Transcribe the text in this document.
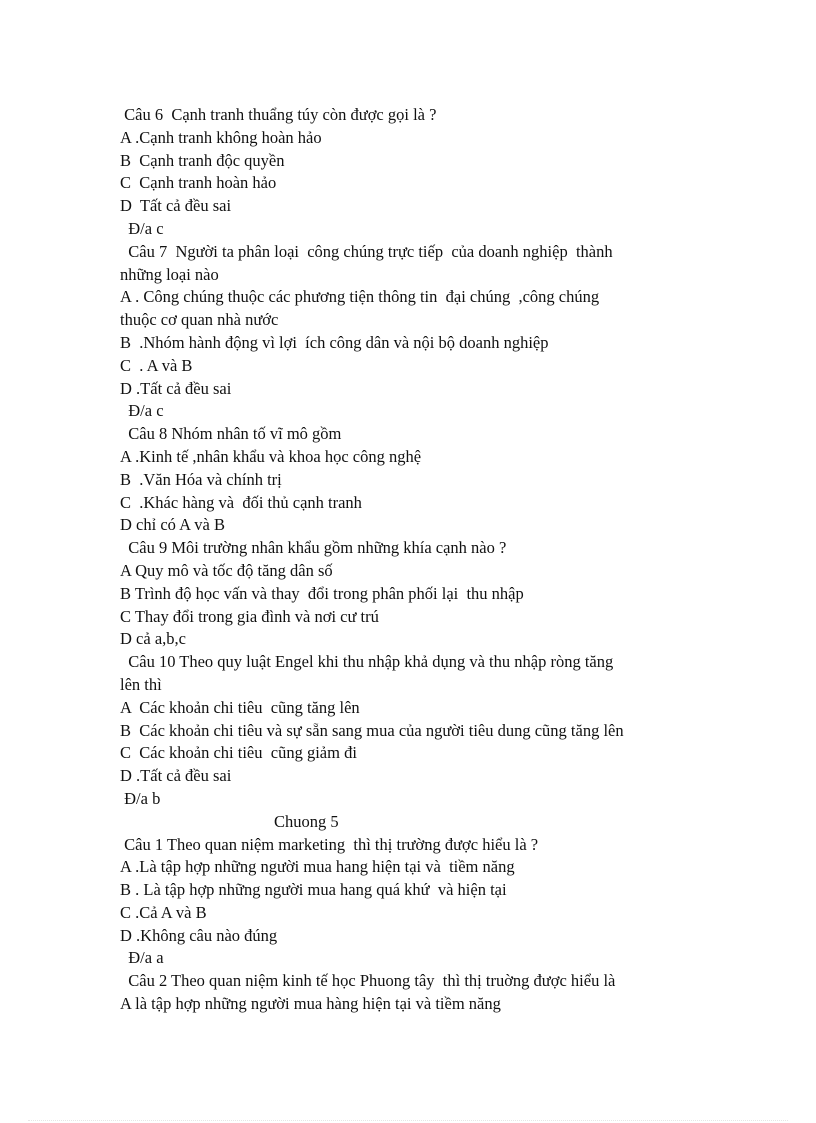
Câu 6  Cạnh tranh thuẩng túy còn được gọi là ?

A .Cạnh tranh không hoàn hảo

B  Cạnh tranh độc quyền

C  Cạnh tranh hoàn hảo

D  Tất cả đều sai

Đ/a c

Câu 7  Người ta phân loại  công chúng trực tiếp  của doanh nghiệp  thành

những loại nào

A . Công chúng thuộc các phương tiện thông tin  đại chúng  ,công chúng

thuộc cơ quan nhà nước

B  .Nhóm hành động vì lợi  ích công dân và nội bộ doanh nghiệp

C  . A và B

D .Tất cả đều sai

Đ/a c

Câu 8 Nhóm nhân tố vĩ mô gồm

A .Kinh tế ,nhân khẩu và khoa học công nghệ

B  .Văn Hóa và chính trị

C  .Khác hàng và  đối thủ cạnh tranh

D chỉ có A và B

Câu 9 Môi trường nhân khẩu gồm những khía cạnh nào ?

A Quy mô và tốc độ tăng dân số

B Trình độ học vấn và thay  đổi trong phân phối lại  thu nhập

C Thay đổi trong gia đình và nơi cư trú

D cả a,b,c

Câu 10 Theo quy luật Engel khi thu nhập khả dụng và thu nhập ròng tăng

lên thì

A  Các khoản chi tiêu  cũng tăng lên

B  Các khoản chi tiêu và sự sẵn sang mua của người tiêu dung cũng tăng lên

C  Các khoản chi tiêu  cũng giảm đi

D .Tất cả đều sai

Đ/a b

Chuong 5

Câu 1 Theo quan niệm marketing  thì thị trường được hiểu là ?

A .Là tập hợp những người mua hang hiện tại và  tiềm năng

B . Là tập hợp những người mua hang quá khứ  và hiện tại

C .Cả A và B

D .Không câu nào đúng

Đ/a a

Câu 2 Theo quan niệm kinh tế học Phuong tây  thì thị truờng được hiểu là

A là tập hợp những người mua hàng hiện tại và tiềm năng
